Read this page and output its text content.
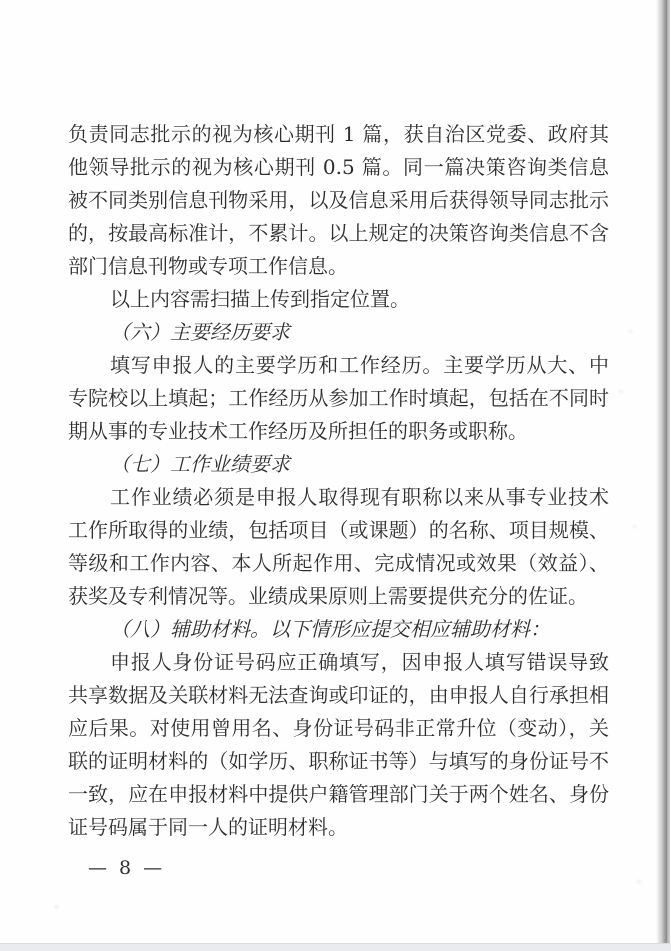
负责同志批示的视为核心期刊 1 篇，获自治区党委、政府其他领导批示的视为核心期刊 0.5 篇。同一篇决策咨询类信息被不同类别信息刊物采用，以及信息采用后获得领导同志批示的，按最高标准计，不累计。以上规定的决策咨询类信息不含部门信息刊物或专项工作信息。

以上内容需扫描上传到指定位置。

（六）主要经历要求

填写申报人的主要学历和工作经历。主要学历从大、中专院校以上填起；工作经历从参加工作时填起，包括在不同时期从事的专业技术工作经历及所担任的职务或职称。

（七）工作业绩要求

工作业绩必须是申报人取得现有职称以来从事专业技术工作所取得的业绩，包括项目（或课题）的名称、项目规模、等级和工作内容、本人所起作用、完成情况或效果（效益）、获奖及专利情况等。业绩成果原则上需要提供充分的佐证。

（八）辅助材料。以下情形应提交相应辅助材料：

申报人身份证号码应正确填写，因申报人填写错误导致共享数据及关联材料无法查询或印证的，由申报人自行承担相应后果。对使用曾用名、身份证号码非正常升位（变动），关联的证明材料的（如学历、职称证书等）与填写的身份证号不一致，应在申报材料中提供户籍管理部门关于两个姓名、身份证号码属于同一人的证明材料。

— 8 —
